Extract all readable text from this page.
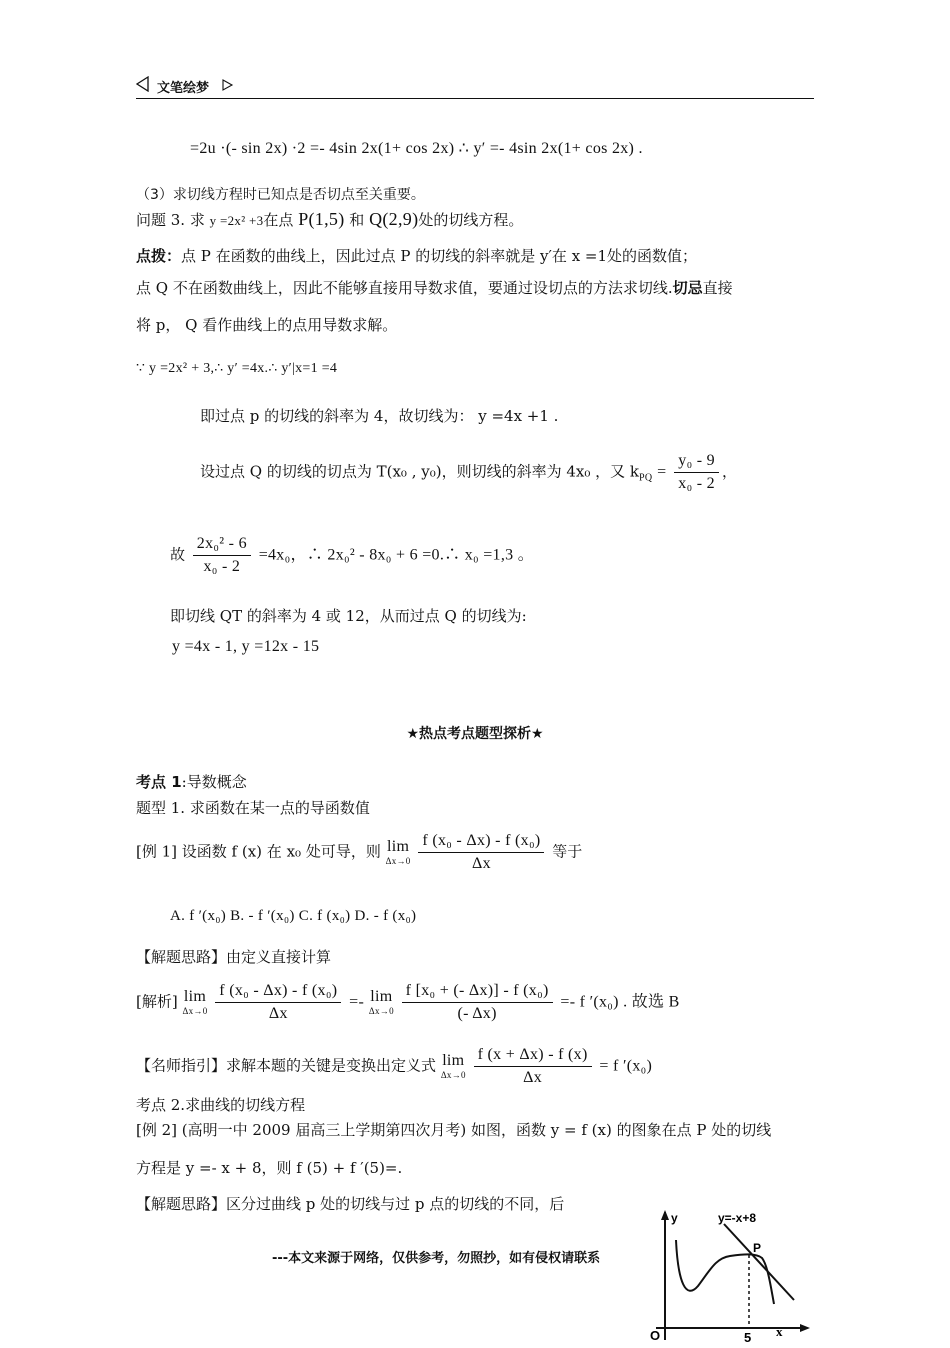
文笔绘梦
=2u ·(- sin 2x) ·2 =- 4sin 2x(1+ cos 2x) ∴ y′ =- 4sin 2x(1+ cos 2x) .
（3）求切线方程时已知点是否切点至关重要。
问题 3. 求 y =2x² +3在点 P(1,5) 和 Q(2,9)处的切线方程。
点拨：点 P 在函数的曲线上，因此过点 P 的切线的斜率就是 y′在 x =1处的函数值；
点 Q 不在函数曲线上，因此不能够直接用导数求值，要通过设切点的方法求切线.切忌直接
将 p， Q 看作曲线上的点用导数求解。
∵ y =2x² + 3,∴ y′ =4x.∴ y′|x=1 =4
即过点 p 的切线的斜率为 4，故切线为： y =4x +1 .
设过点 Q 的切线的切点为 T(x₀ , y₀)，则切线的斜率为 4x₀ ，又 $k_{PQ} = \frac{\text{y₀ - 9}}{\text{x₀ - 2}}$ ，
故 $\frac{\text{2x₀² - 6}}{\text{x₀ - 2}} =4x_0$，∴ 2x₀² - 8x₀ + 6 =0.∴ x₀ =1,3 。
即切线 QT 的斜率为 4 或 12，从而过点 Q 的切线为:
y =4x - 1, y =12x - 15
★热点考点题型探析★
考点 1:导数概念
题型 1. 求函数在某一点的导函数值
[例 1] 设函数 f (x) 在 x₀ 处可导，则 lim
Δx→0
$\frac{\text{f (x₀ - Δx) - f (x₀)}}{\Delta x}$ 等于
A. f ′(x₀) B. - f ′(x₀) C. f (x₀) D. - f (x₀)
【解题思路】由定义直接计算
[解析] lim
Δx→0
$\frac{\text{f (x₀ - Δx) - f (x₀)}}{\Delta x} =- \lim$
Δx→0
$\frac{\text{f [x₀ + (- Δx)] - f (x₀)}}{(- \Delta x)} =- f$ ′(x₀) . 故选 B
【名师指引】求解本题的关键是变换出定义式 lim
Δx→0
$\frac{f (x + \Delta x) - f (x)}{\Delta x} = f$ ′(x₀)
考点 2.求曲线的切线方程
[例 2] (高明一中 2009 届高三上学期第四次月考) 如图，函数 y = f (x) 的图象在点 P 处的切线
方程是 y =- x + 8，则 f (5) + f ′(5)=.
【解题思路】区分过曲线 p 处的切线与过 p 点的切线的不同，后
---本文来源于网络，仅供参考，勿照抄，如有侵权请联系
y	y=-x+8
P
O	5 x
